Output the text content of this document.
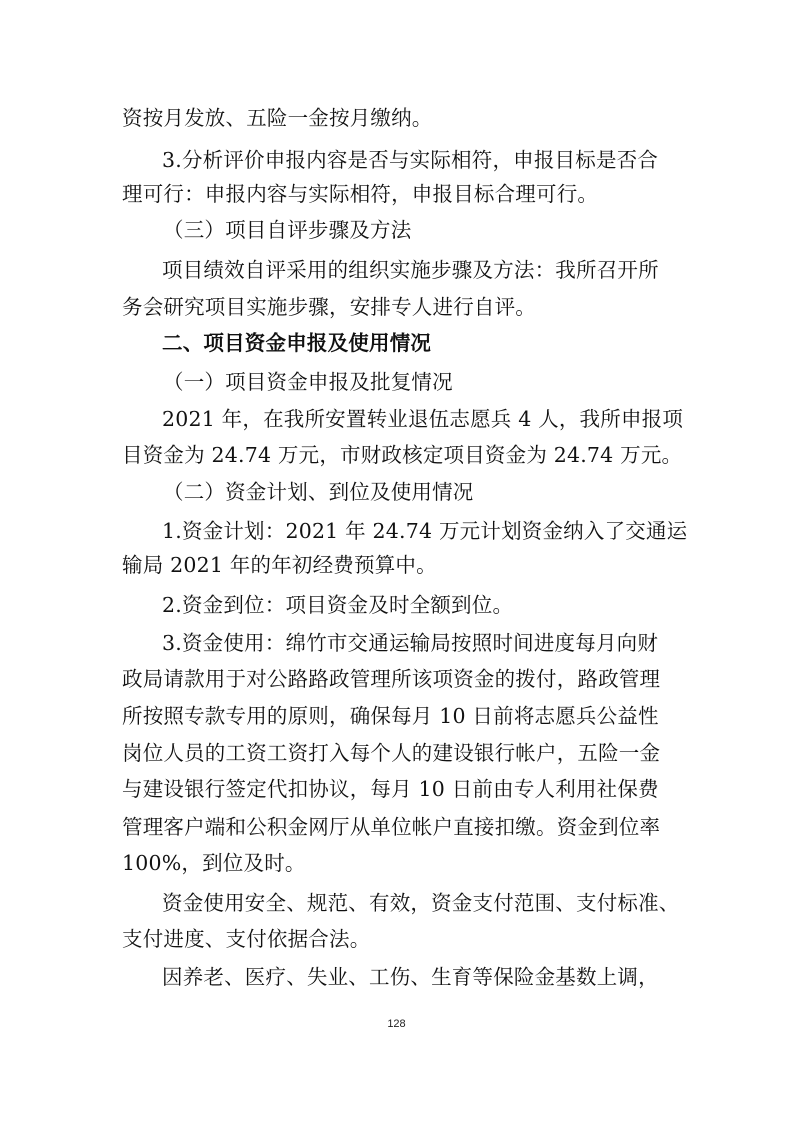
资按月发放、五险一金按月缴纳。
3.分析评价申报内容是否与实际相符，申报目标是否合
理可行：申报内容与实际相符，申报目标合理可行。
（三）项目自评步骤及方法
项目绩效自评采用的组织实施步骤及方法：我所召开所
务会研究项目实施步骤，安排专人进行自评。
二、项目资金申报及使用情况
（一）项目资金申报及批复情况
2021 年，在我所安置转业退伍志愿兵 4 人，我所申报项
目资金为 24.74 万元，市财政核定项目资金为 24.74 万元。
（二）资金计划、到位及使用情况
1.资金计划：2021 年 24.74 万元计划资金纳入了交通运
输局 2021 年的年初经费预算中。
2.资金到位：项目资金及时全额到位。
3.资金使用：绵竹市交通运输局按照时间进度每月向财
政局请款用于对公路路政管理所该项资金的拨付，路政管理
所按照专款专用的原则，确保每月 10 日前将志愿兵公益性
岗位人员的工资工资打入每个人的建设银行帐户，五险一金
与建设银行签定代扣协议，每月 10 日前由专人利用社保费
管理客户端和公积金网厅从单位帐户直接扣缴。资金到位率
100%，到位及时。
资金使用安全、规范、有效，资金支付范围、支付标准、
支付进度、支付依据合法。
因养老、医疗、失业、工伤、生育等保险金基数上调，
128
